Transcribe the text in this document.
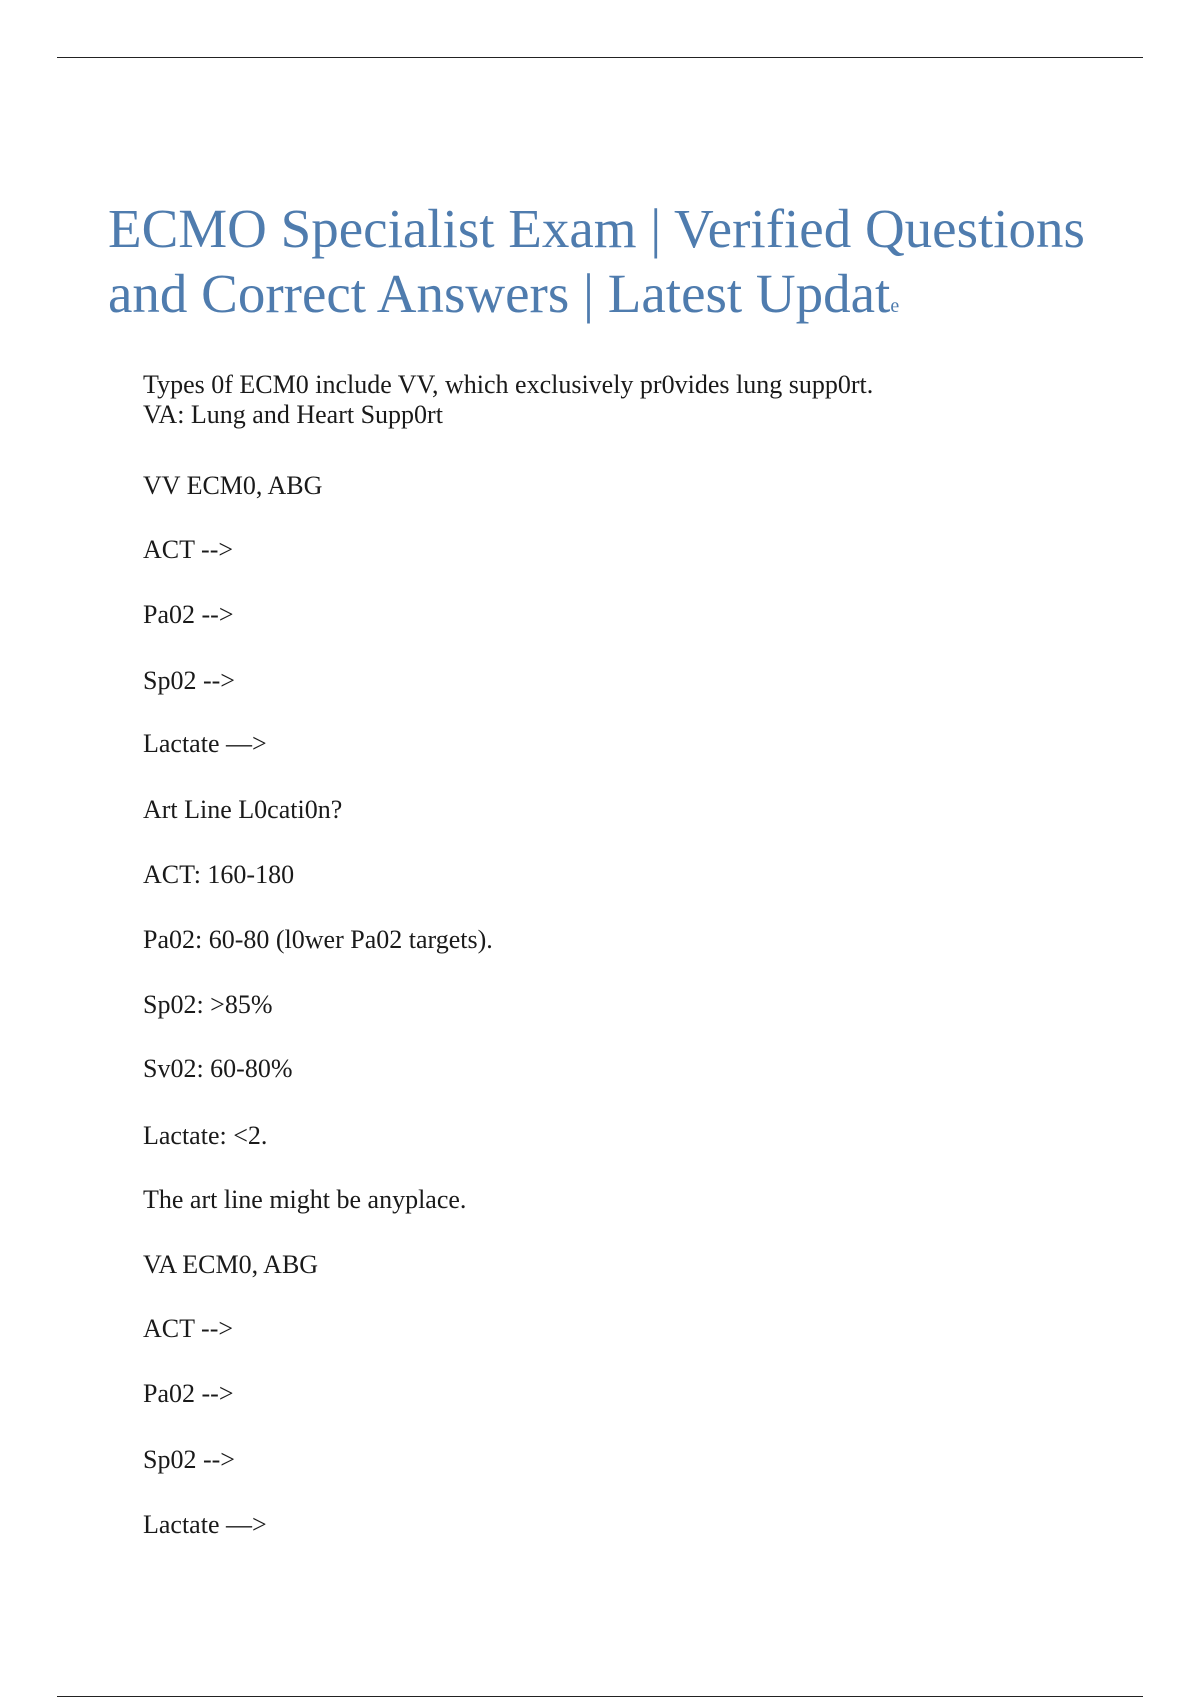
ECMO Specialist Exam | Verified Questions
and Correct Answers | Latest Update

Types 0f ECM0 include VV, which exclusively pr0vides lung supp0rt.
VA: Lung and Heart Supp0rt

VV ECM0, ABG

ACT -->

Pa02 -->

Sp02 -->

Lactate —>

Art Line L0cati0n?

ACT: 160-180

Pa02: 60-80 (l0wer Pa02 targets).

Sp02: >85%

Sv02: 60-80%

Lactate: <2.

The art line might be anyplace.

VA ECM0, ABG

ACT -->

Pa02 -->

Sp02 -->

Lactate —>
